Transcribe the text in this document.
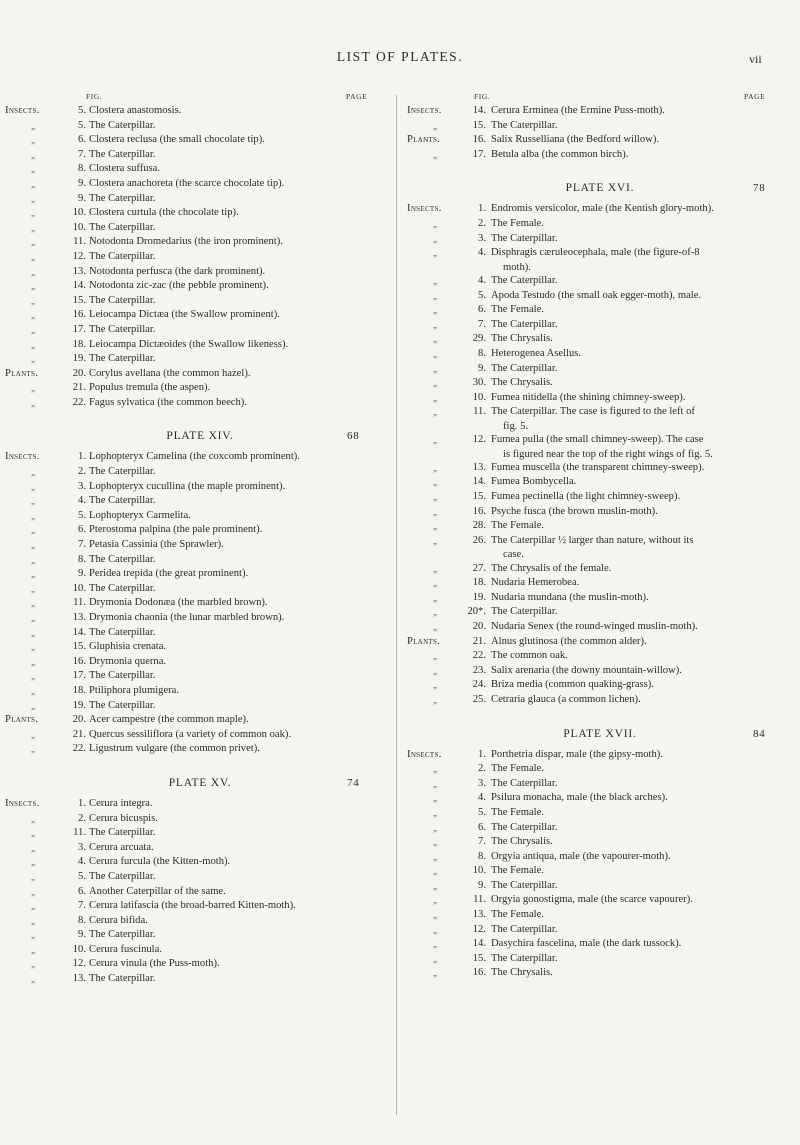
LIST OF PLATES.	vii
FIG.	PAGE
Insects.	5. Clostera anastomosis.
„	5. The Caterpillar.
„	6. Clostera reclusa (the small chocolate tip).
„	7. The Caterpillar.
„	8. Clostera suffusa.
„	9. Clostera anachoreta (the scarce chocolate tip).
„	9. The Caterpillar.
„	10. Clostera curtula (the chocolate tip).
„	10. The Caterpillar.
„	11. Notodonta Dromedarius (the iron prominent).
„	12. The Caterpillar.
„	13. Notodonta perfusca (the dark prominent).
„	14. Notodonta zic-zac (the pebble prominent).
„	15. The Caterpillar.
„	16. Leiocampa Dictæa (the Swallow prominent).
„	17. The Caterpillar.
„	18. Leiocampa Dictæoides (the Swallow likeness).
„	19. The Caterpillar.
Plants.	20. Corylus avellana (the common hazel).
„	21. Populus tremula (the aspen).
„	22. Fagus sylvatica (the common beech).
PLATE XIV.	68
Insects.	1. Lophopteryx Camelina (the coxcomb prominent).
„	2. The Caterpillar.
„	3. Lophopteryx cucullina (the maple prominent).
„	4. The Caterpillar.
„	5. Lophopteryx Carmelita.
„	6. Pterostoma palpina (the pale prominent).
„	7. Petasia Cassinia (the Sprawler).
„	8. The Caterpillar.
„	9. Peridea trepida (the great prominent).
„	10. The Caterpillar.
„	11. Drymonia Dodonæa (the marbled brown).
„	13. Drymonia chaonia (the lunar marbled brown).
„	14. The Caterpillar.
„	15. Gluphisia crenata.
„	16. Drymonia querna.
„	17. The Caterpillar.
„	18. Ptiliphora plumigera.
„	19. The Caterpillar.
Plants.	20. Acer campestre (the common maple).
„	21. Quercus sessiliflora (a variety of common oak).
„	22. Ligustrum vulgare (the common privet).
PLATE XV.	74
Insects.	1. Cerura integra.
„	2. Cerura bicuspis.
„	11. The Caterpillar.
„	3. Cerura arcuata.
„	4. Cerura furcula (the Kitten-moth).
„	5. The Caterpillar.
„	6. Another Caterpillar of the same.
„	7. Cerura latifascia (the broad-barred Kitten-moth).
„	8. Cerura bifida.
„	9. The Caterpillar.
„	10. Cerura fuscinula.
„	12. Cerura vinula (the Puss-moth).
„	13. The Caterpillar.
FIG.	PAGE
Insects.	14. Cerura Erminea (the Ermine Puss-moth).
„	15. The Caterpillar.
Plants.	16. Salix Russelliana (the Bedford willow).
„	17. Betula alba (the common birch).
PLATE XVI.	78
Insects.	1. Endromis versicolor, male (the Kentish glory-moth).
„	2. The Female.
„	3. The Caterpillar.
„	4. Disphragis cæruleocephala, male (the figure-of-8
moth).
„	4. The Caterpillar.
„	5. Apoda Testudo (the small oak egger-moth), male.
„	6. The Female.
„	7. The Caterpillar.
„	29. The Chrysalis.
„	8. Heterogenea Asellus.
„	9. The Caterpillar.
„	30. The Chrysalis.
„	10. Fumea nitidella (the shining chimney-sweep).
„	11. The Caterpillar. The case is figured to the left of
fig. 5.
„	12. Fumea pulla (the small chimney-sweep). The case
is figured near the top of the right wings of fig. 5.
„	13. Fumea muscella (the transparent chimney-sweep).
„	14. Fumea Bombycella.
„	15. Fumea pectinella (the light chimney-sweep).
„	16. Psyche fusca (the brown muslin-moth).
„	28. The Female.
„	26. The Caterpillar ½ larger than nature, without its
case.
„	27. The Chrysalis of the female.
„	18. Nudaria Hemerobea.
„	19. Nudaria mundana (the muslin-moth).
„	20*. The Caterpillar.
„	20. Nudaria Senex (the round-winged muslin-moth).
Plants.	21. Alnus glutinosa (the common alder).
„	22. The common oak.
„	23. Salix arenaria (the downy mountain-willow).
„	24. Briza media (common quaking-grass).
„	25. Cetraria glauca (a common lichen).
PLATE XVII.	84
Insects.	1. Porthetria dispar, male (the gipsy-moth).
„	2. The Female.
„	3. The Caterpillar.
„	4. Psilura monacha, male (the black arches).
„	5. The Female.
„	6. The Caterpillar.
„	7. The Chrysalis.
„	8. Orgyia antiqua, male (the vapourer-moth).
„	10. The Female.
„	9. The Caterpillar.
„	11. Orgyia gonostigma, male (the scarce vapourer).
„	13. The Female.
„	12. The Caterpillar.
„	14. Dasychira fascelina, male (the dark tussock).
„	15. The Caterpillar.
„	16. The Chrysalis.
